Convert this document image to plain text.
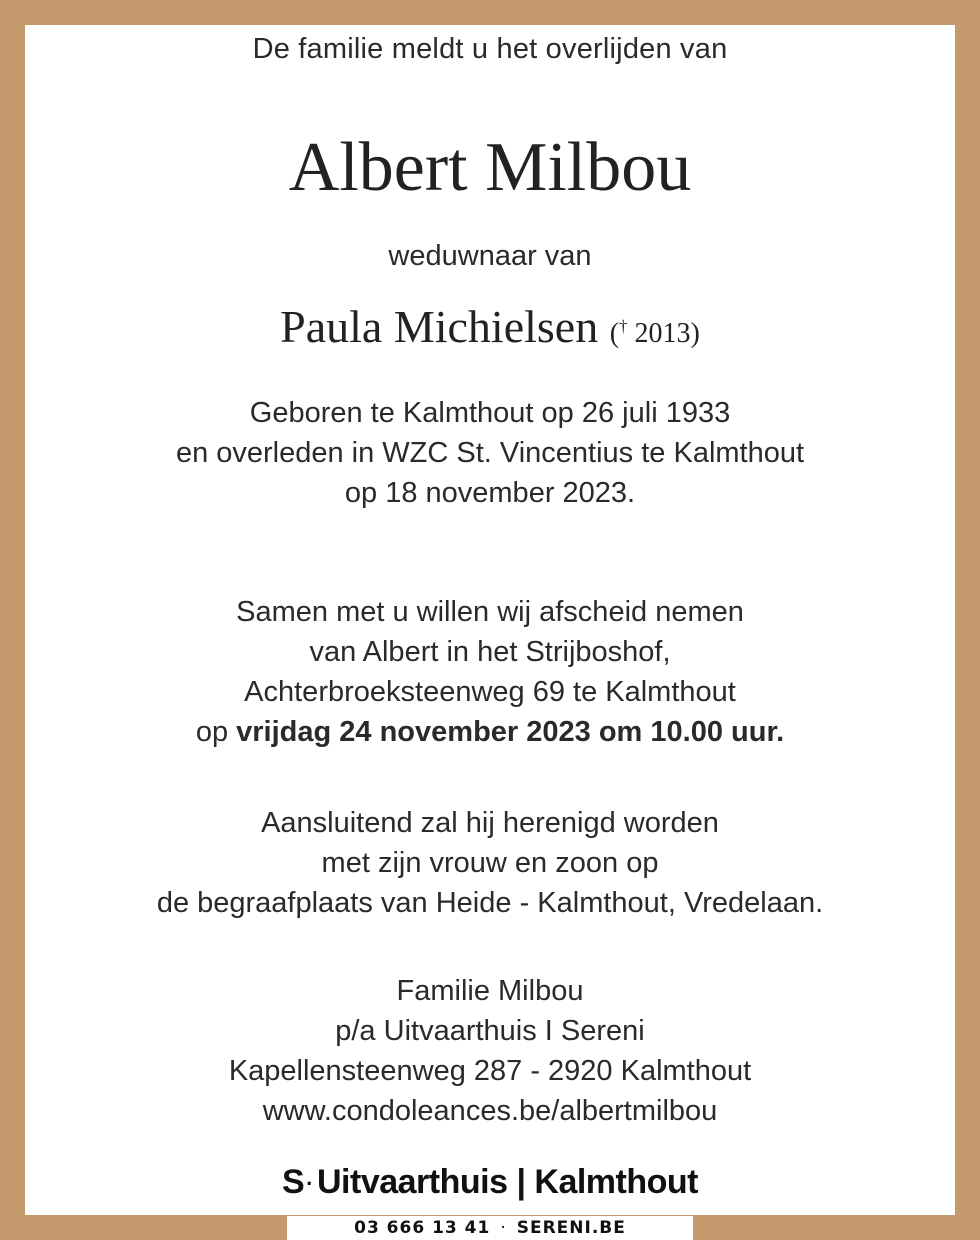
De familie meldt u het overlijden van
Albert Milbou
weduwnaar van
Paula Michielsen († 2013)
Geboren te Kalmthout op 26 juli 1933
en overleden in WZC St. Vincentius te Kalmthout
op 18 november 2023.
Samen met u willen wij afscheid nemen
van Albert in het Strijboshof,
Achterbroeksteenweg 69 te Kalmthout
op vrijdag 24 november 2023 om 10.00 uur.
Aansluitend zal hij herenigd worden
met zijn vrouw en zoon op
de begraafplaats van Heide - Kalmthout, Vredelaan.
Familie Milbou
p/a Uitvaarthuis I Sereni
Kapellensteenweg 287 - 2920 Kalmthout
www.condoleances.be/albertmilbou
S· Uitvaarthuis | Kalmthout
03 666 13 41 · SERENI.BE
